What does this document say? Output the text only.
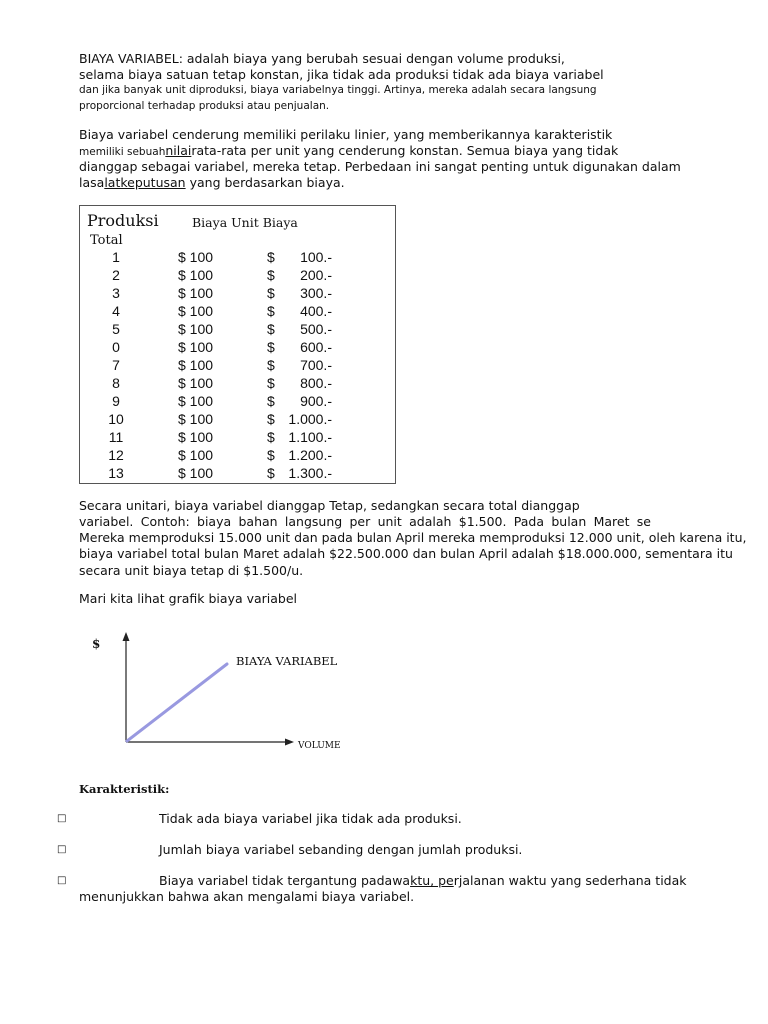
BIAYA VARIABEL: adalah biaya yang berubah sesuai dengan volume produksi,
selama biaya satuan tetap konstan, jika tidak ada produksi tidak ada biaya variabel
dan jika banyak unit diproduksi, biaya variabelnya tinggi. Artinya, mereka adalah secara langsung
proporcional terhadap produksi atau penjualan.
Biaya variabel cenderung memiliki perilaku linier, yang memberikannya karakteristik
memiliki sebuahnilairata-rata per unit yang cenderung konstan. Semua biaya yang tidak
dianggap sebagai variabel, mereka tetap. Perbedaan ini sangat penting untuk digunakan dalam
lasalatkeputusan yang berdasarkan biaya.
Produksi	Biaya Unit Biaya
Total
1	$ 100	$	100.-
2	$ 100	$	200.-
3	$ 100	$	300.-
4	$ 100	$	400.-
5	$ 100	$	500.-
0	$ 100	$	600.-
7	$ 100	$	700.-
8	$ 100	$	800.-
9	$ 100	$	900.-
10	$ 100	$ 1.000.-
11	$ 100	$ 1.100.-
12	$ 100	$ 1.200.-
13	$ 100	$ 1.300.-
Secara unitari, biaya variabel dianggap Tetap, sedangkan secara total dianggap
variabel. Contoh: biaya bahan langsung per unit adalah $1.500. Pada bulan Maret se
Mereka memproduksi 15.000 unit dan pada bulan April mereka memproduksi 12.000 unit, oleh karena itu,
biaya variabel total bulan Maret adalah $22.500.000 dan bulan April adalah $18.000.000, sementara itu
secara unit biaya tetap di $1.500/u.
Mari kita lihat grafik biaya variabel
$
BIAYA VARIABEL
VOLUME
Karakteristik:
□	Tidak ada biaya variabel jika tidak ada produksi.
□	Jumlah biaya variabel sebanding dengan jumlah produksi.
□	Biaya variabel tidak tergantung padawaktu, perjalanan waktu yang sederhana tidak
menunjukkan bahwa akan mengalami biaya variabel.
